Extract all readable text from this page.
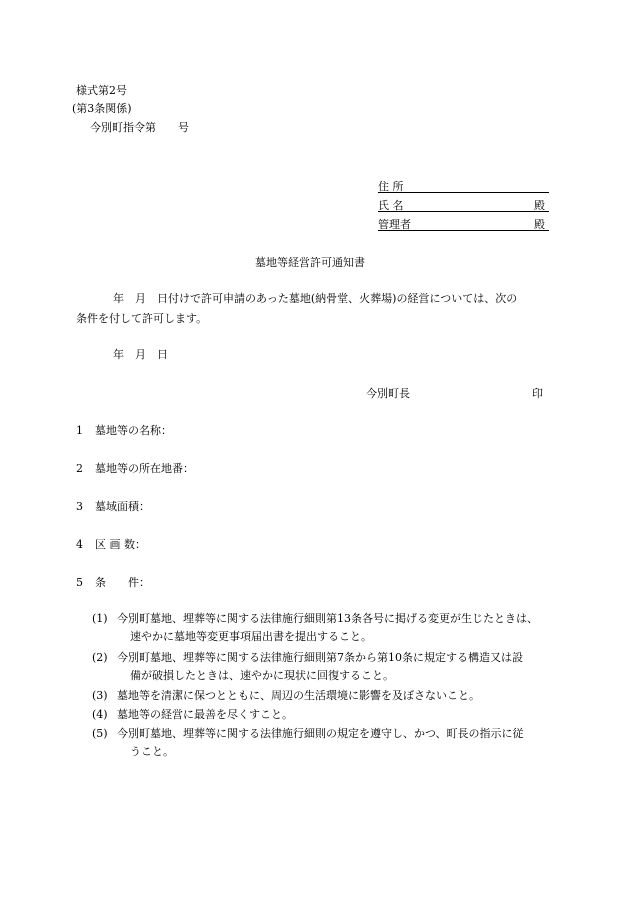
様式第2号
(第3条関係)
今別町指令第　　号
住 所
氏 名	殿
管理者	殿
墓地等経営許可通知書
年　月　日付けで許可申請のあった墓地(納骨堂、火葬場)の経営については、次の
条件を付して許可します。
年　月　日
今別町長	印
1 墓地等の名称：
2 墓地等の所在地番：
3 墓域面積：
4 区 画 数：
5 条　　件：
(1) 今別町墓地、埋葬等に関する法律施行細則第13条各号に掲げる変更が生じたときは、
速やかに墓地等変更事項届出書を提出すること。
(2) 今別町墓地、埋葬等に関する法律施行細則第7条から第10条に規定する構造又は設
備が破損したときは、速やかに現状に回復すること。
(3) 墓地等を清潔に保つとともに、周辺の生活環境に影響を及ぼさないこと。
(4) 墓地等の経営に最善を尽くすこと。
(5) 今別町墓地、埋葬等に関する法律施行細則の規定を遵守し、かつ、町長の指示に従
うこと。
